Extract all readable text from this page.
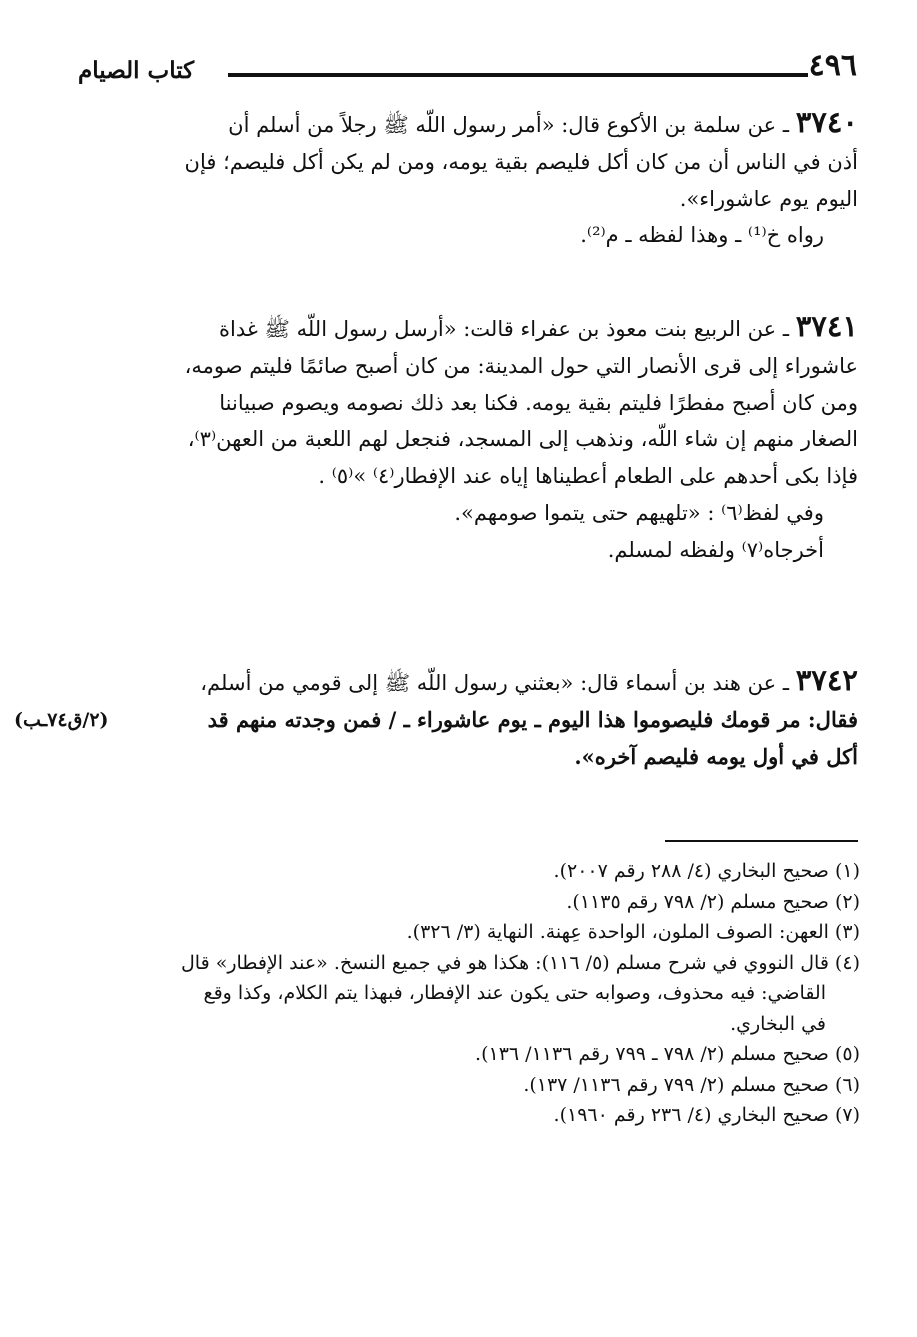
٤٩٦
كتاب الصيام
٣٧٤٠ ـ عن سلمة بن الأكوع قال: «أمر رسول اللّه ﷺ رجلاً من أسلم أن
أذن في الناس أن من كان أكل فليصم بقية يومه، ومن لم يكن أكل فليصم؛ فإن
اليوم يوم عاشوراء».
رواه خ⁽¹⁾ ـ وهذا لفظه ـ م⁽²⁾.
٣٧٤١ ـ عن الربيع بنت معوذ بن عفراء قالت: «أرسل رسول اللّه ﷺ غداة
عاشوراء إلى قرى الأنصار التي حول المدينة: من كان أصبح صائمًا فليتم صومه،
ومن كان أصبح مفطرًا فليتم بقية يومه. فكنا بعد ذلك نصومه ويصوم صبياننا
الصغار منهم إن شاء اللّه، ونذهب إلى المسجد، فنجعل لهم اللعبة من العهن⁽٣⁾،
فإذا بكى أحدهم على الطعام أعطيناها إياه عند الإفطار⁽٤⁾ »⁽٥⁾ .
وفي لفظ⁽٦⁾ : «تلهيهم حتى يتموا صومهم».
أخرجاه⁽٧⁾ ولفظه لمسلم.
٣٧٤٢ ـ عن هند بن أسماء قال: «بعثني رسول اللّه ﷺ إلى قومي من أسلم،
فقال: مر قومك فليصوموا هذا اليوم ـ يوم عاشوراء ـ / فمن وجدته منهم قد
أكل في أول يومه فليصم آخره».
(٢/ق٧٤ـب)
(١) صحيح البخاري (٤/ ٢٨٨ رقم ٢٠٠٧).
(٢) صحيح مسلم (٢/ ٧٩٨ رقم ١١٣٥).
(٣) العهن: الصوف الملون، الواحدة عِهنة. النهاية (٣/ ٣٢٦).
(٤) قال النووي في شرح مسلم (٥/ ١١٦): هكذا هو في جميع النسخ. «عند الإفطار» قال
القاضي: فيه محذوف، وصوابه حتى يكون عند الإفطار، فبهذا يتم الكلام، وكذا وقع
في البخاري.
(٥) صحيح مسلم (٢/ ٧٩٨ ـ ٧٩٩ رقم ١١٣٦/ ١٣٦).
(٦) صحيح مسلم (٢/ ٧٩٩ رقم ١١٣٦/ ١٣٧).
(٧) صحيح البخاري (٤/ ٢٣٦ رقم ١٩٦٠).
